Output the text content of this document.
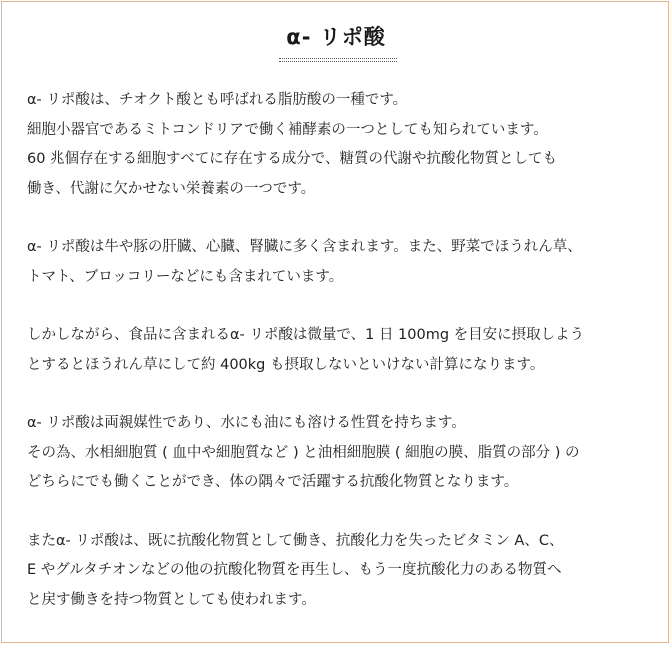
α- リポ酸
α- リポ酸は、チオクト酸とも呼ばれる脂肪酸の一種です。
細胞小器官であるミトコンドリアで働く補酵素の一つとしても知られています。
60 兆個存在する細胞すべてに存在する成分で、糖質の代謝や抗酸化物質としても
働き、代謝に欠かせない栄養素の一つです。
α- リポ酸は牛や豚の肝臓、心臓、腎臓に多く含まれます。また、野菜でほうれん草、
トマト、ブロッコリーなどにも含まれています。
しかしながら、食品に含まれるα- リポ酸は微量で、1 日 100mg を目安に摂取しよう
とするとほうれん草にして約 400kg も摂取しないといけない計算になります。
α- リポ酸は両親媒性であり、水にも油にも溶ける性質を持ちます。
その為、水相細胞質 ( 血中や細胞質など ) と油相細胞膜 ( 細胞の膜、脂質の部分 ) の
どちらにでも働くことができ、体の隅々で活躍する抗酸化物質となります。
またα- リポ酸は、既に抗酸化物質として働き、抗酸化力を失ったビタミン A、C、
E やグルタチオンなどの他の抗酸化物質を再生し、もう一度抗酸化力のある物質へ
と戻す働きを持つ物質としても使われます。
